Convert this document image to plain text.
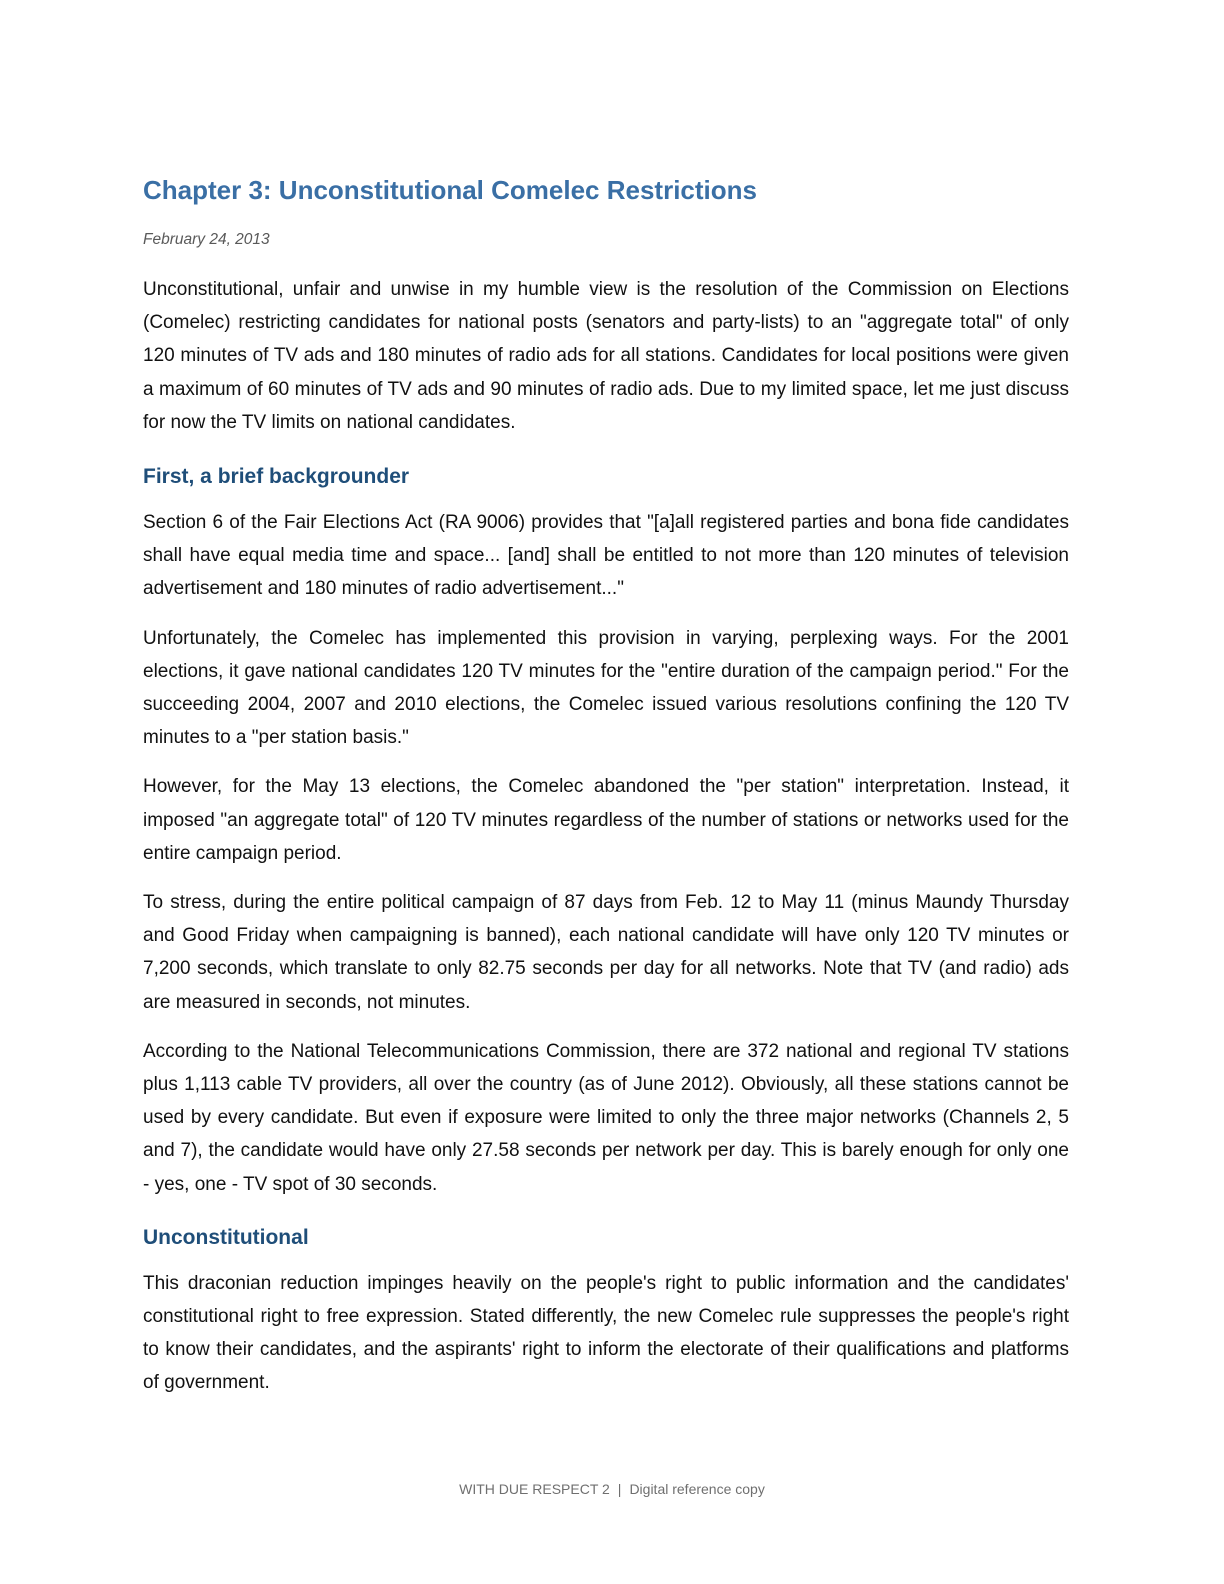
Chapter 3: Unconstitutional Comelec Restrictions

February 24, 2013

Unconstitutional, unfair and unwise in my humble view is the resolution of the Commission on Elections (Comelec) restricting candidates for national posts (senators and party-lists) to an "aggregate total" of only 120 minutes of TV ads and 180 minutes of radio ads for all stations. Candidates for local positions were given a maximum of 60 minutes of TV ads and 90 minutes of radio ads. Due to my limited space, let me just discuss for now the TV limits on national candidates.

First, a brief backgrounder

Section 6 of the Fair Elections Act (RA 9006) provides that "[a]all registered parties and bona fide candidates shall have equal media time and space... [and] shall be entitled to not more than 120 minutes of television advertisement and 180 minutes of radio advertisement..."

Unfortunately, the Comelec has implemented this provision in varying, perplexing ways. For the 2001 elections, it gave national candidates 120 TV minutes for the "entire duration of the campaign period." For the succeeding 2004, 2007 and 2010 elections, the Comelec issued various resolutions confining the 120 TV minutes to a "per station basis."

However, for the May 13 elections, the Comelec abandoned the "per station" interpretation. Instead, it imposed "an aggregate total" of 120 TV minutes regardless of the number of stations or networks used for the entire campaign period.

To stress, during the entire political campaign of 87 days from Feb. 12 to May 11 (minus Maundy Thursday and Good Friday when campaigning is banned), each national candidate will have only 120 TV minutes or 7,200 seconds, which translate to only 82.75 seconds per day for all networks. Note that TV (and radio) ads are measured in seconds, not minutes.

According to the National Telecommunications Commission, there are 372 national and regional TV stations plus 1,113 cable TV providers, all over the country (as of June 2012). Obviously, all these stations cannot be used by every candidate. But even if exposure were limited to only the three major networks (Channels 2, 5 and 7), the candidate would have only 27.58 seconds per network per day. This is barely enough for only one - yes, one - TV spot of 30 seconds.

Unconstitutional

This draconian reduction impinges heavily on the people's right to public information and the candidates' constitutional right to free expression. Stated differently, the new Comelec rule suppresses the people's right to know their candidates, and the aspirants' right to inform the electorate of their qualifications and platforms of government.

WITH DUE RESPECT 2 | Digital reference copy
